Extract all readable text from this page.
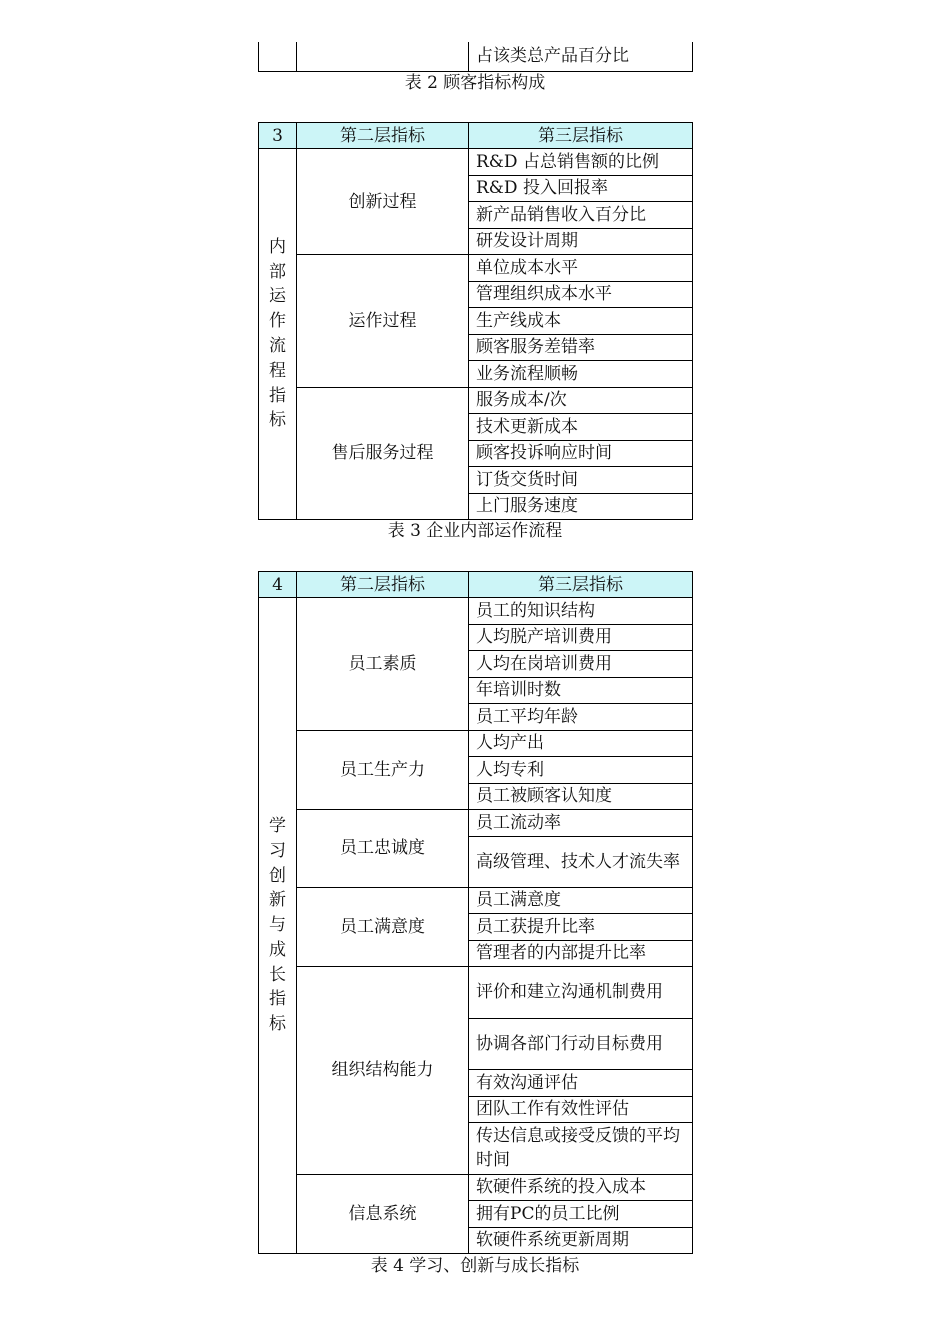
		占该类总产品百分比
表 2 顾客指标构成
3	第二层指标	第三层指标
内部运作流程指标	创新过程	R&D 占总销售额的比例
		R&D 投入回报率
		新产品销售收入百分比
		研发设计周期
	运作过程	单位成本水平
		管理组织成本水平
		生产线成本
		顾客服务差错率
		业务流程顺畅
	售后服务过程	服务成本/次
		技术更新成本
		顾客投诉响应时间
		订货交货时间
		上门服务速度
表 3 企业内部运作流程
4	第二层指标	第三层指标
学习创新与成长指标	员工素质	员工的知识结构
		人均脱产培训费用
		人均在岗培训费用
		年培训时数
		员工平均年龄
	员工生产力	人均产出
		人均专利
		员工被顾客认知度
	员工忠诚度	员工流动率
		高级管理、技术人才流失率
	员工满意度	员工满意度
		员工获提升比率
		管理者的内部提升比率
	组织结构能力	评价和建立沟通机制费用
		协调各部门行动目标费用
		有效沟通评估
		团队工作有效性评估
		传达信息或接受反馈的平均时间
	信息系统	软硬件系统的投入成本
		拥有PC的员工比例
		软硬件系统更新周期
表 4 学习、创新与成长指标
